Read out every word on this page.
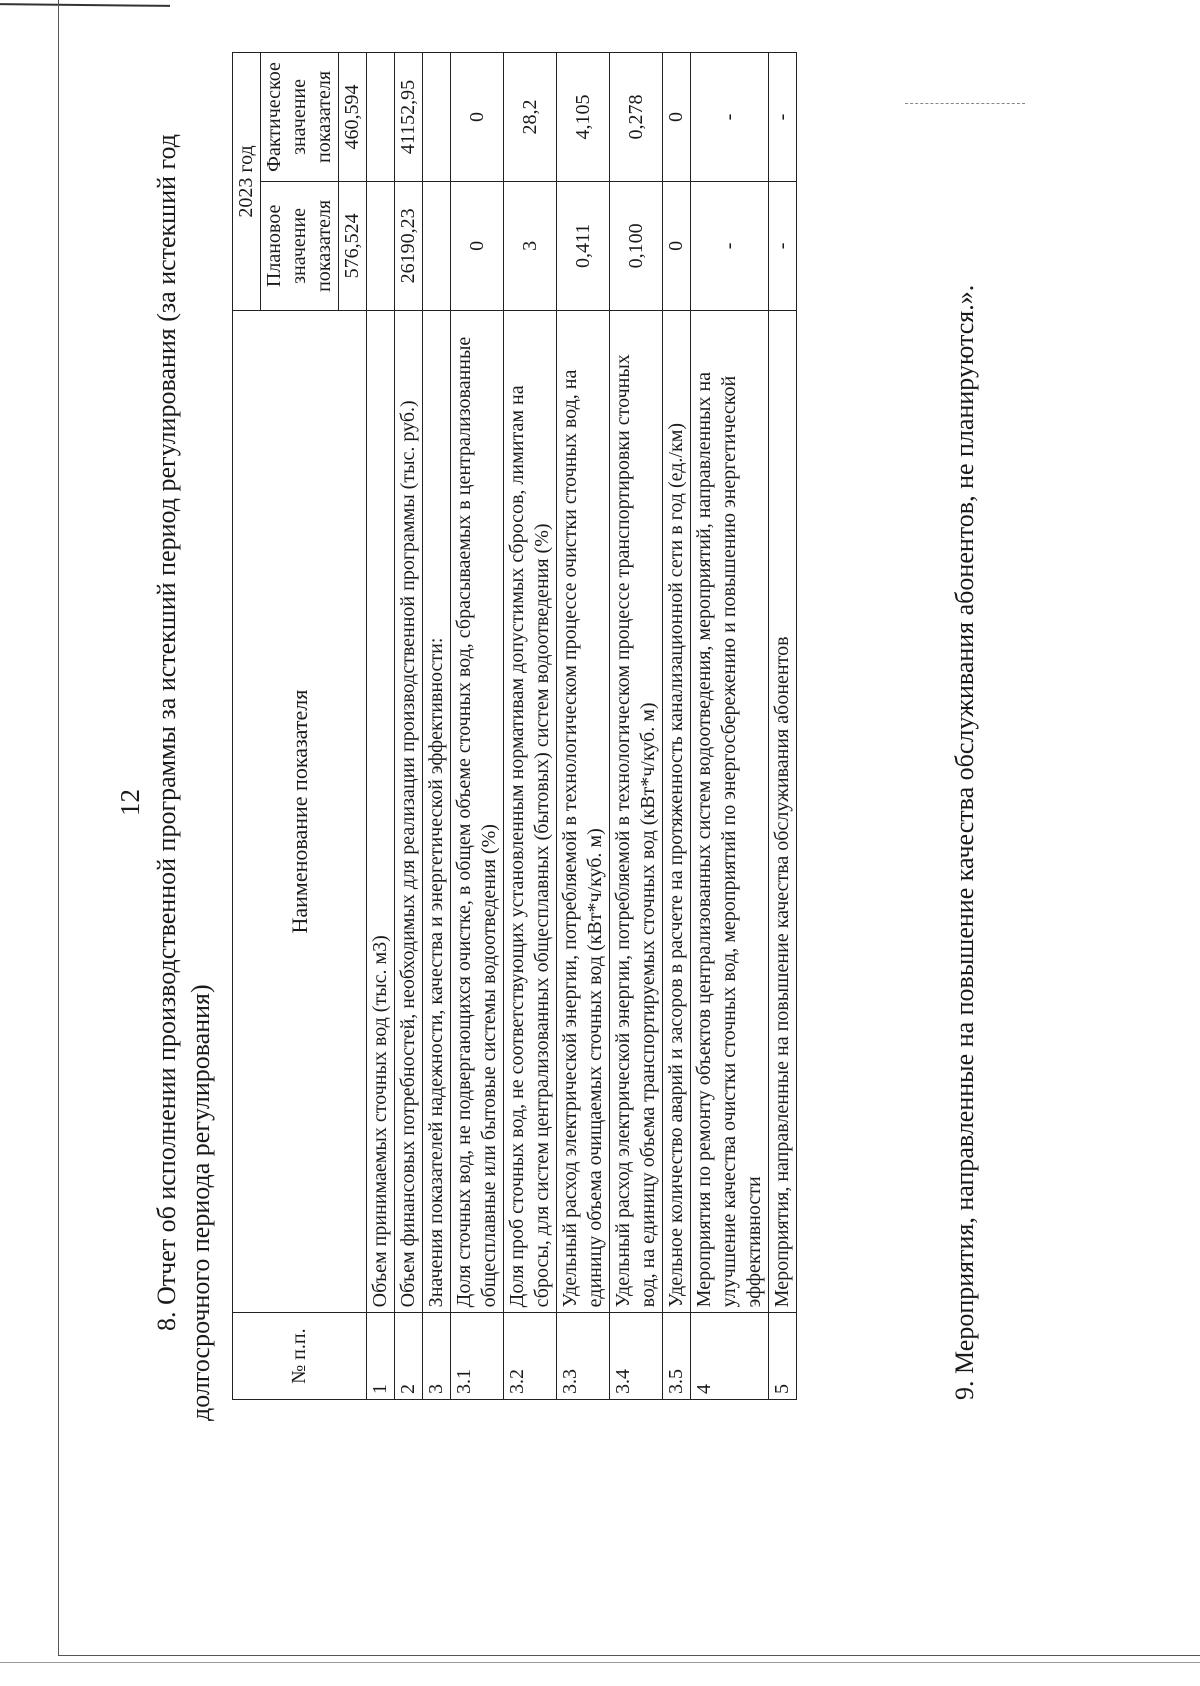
12 8. Отчет об исполнении производственной программы за истекший период регулирования (за истекший год долгосрочного периода регулирования)	№ п.п.	Наименование показателя	2023 год	
		Плановое значение показателя	Фактическое значение показателя
		576,524	460,594
1	Объем принимаемых сточных вод (тыс. м3)		
2	Объем финансовых потребностей, необходимых для реализации производственной программы (тыс. руб.)	26190,23	41152,95
3	Значения показателей надежности, качества и энергетической эффективности:		
3.1	Доля сточных вод, не подвергающихся очистке, в общем объеме сточных вод, сбрасываемых в централизованные общесплавные или бытовые системы водоотведения (%)	0	0
3.2	Доля проб сточных вод, не соответствующих установленным нормативам допустимых сбросов, лимитам на сбросы, для систем централизованных общесплавных (бытовых) систем водоотведения (%)	3	28,2
3.3	Удельный расход электрической энергии, потребляемой в технологическом процессе очистки сточных вод, на единицу объема очищаемых сточных вод (кВт*ч/куб. м)	0,411	4,105
3.4	Удельный расход электрической энергии, потребляемой в технологическом процессе транспортировки сточных вод, на единицу объема транспортируемых сточных вод (кВт*ч/куб. м)	0,100	0,278
3.5	Удельное количество аварий и засоров в расчете на протяженность канализационной сети в год (ед./км)	0	0
4	Мероприятия по ремонту объектов централизованных систем водоотведения, мероприятий, направленных на улучшение качества очистки сточных вод, мероприятий по энергосбережению и повышению энергетической эффективности	-	-
5	Мероприятия, направленные на повышение качества обслуживания абонентов	-	-
9. Мероприятия, направленные на повышение качества обслуживания абонентов, не планируются.».
